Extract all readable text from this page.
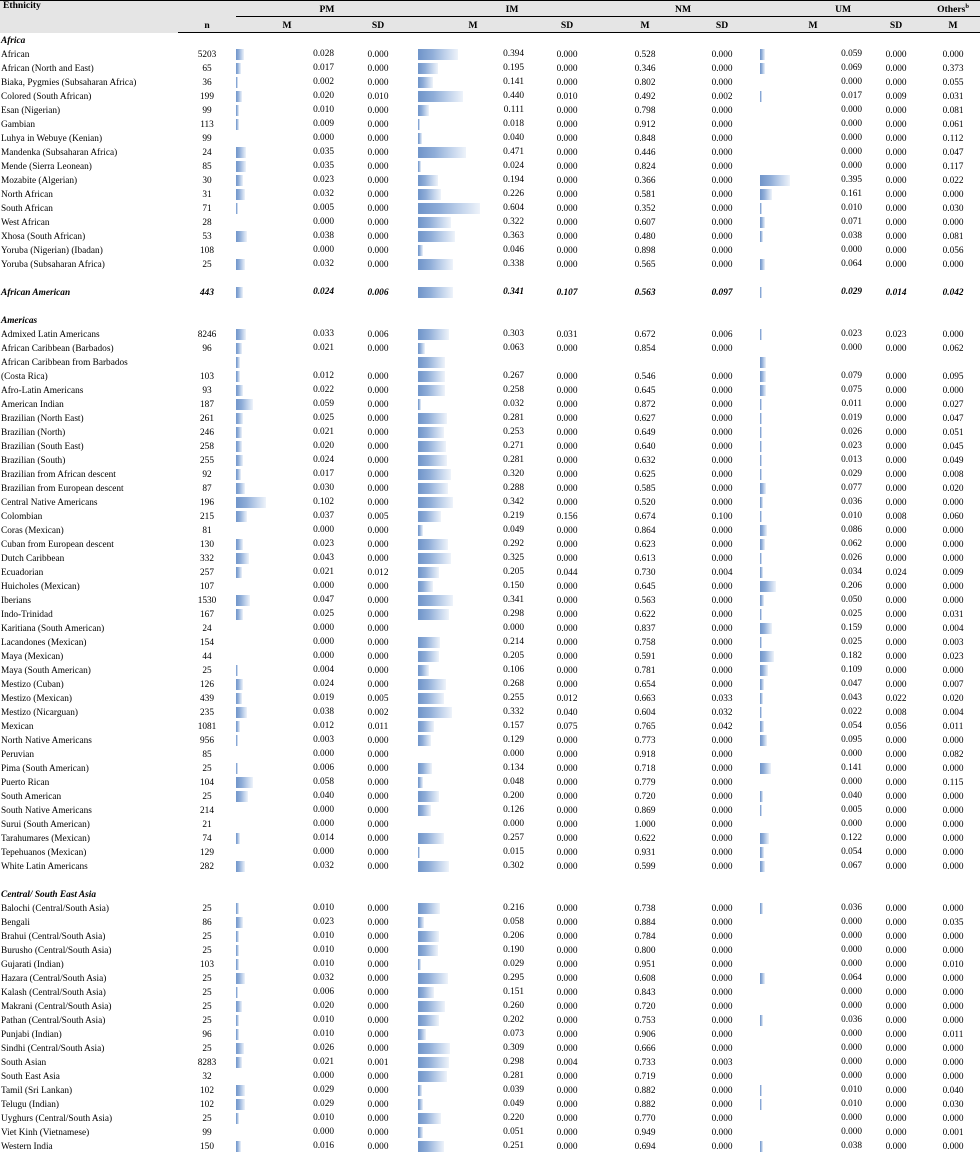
Ethnicity		PM		IM		NM		UM		Others$^b$
	n	M	SD	M	SD	M	SD	M	SD	M
Africa										
African	5203	0.028	0.000	0.394	0.000	0.528	0.000	0.059	0.000	0.000
African (North and East)	65	0.017	0.000	0.195	0.000	0.346	0.000	0.069	0.000	0.373
Biaka, Pygmies (Subsaharan Africa)	36	0.002	0.000	0.141	0.000	0.802	0.000	0.000	0.000	0.055
Colored (South African)	199	0.020	0.010	0.440	0.010	0.492	0.002	0.017	0.009	0.031
Esan (Nigerian)	99	0.010	0.000	0.111	0.000	0.798	0.000	0.000	0.000	0.081
Gambian	113	0.009	0.000	0.018	0.000	0.912	0.000	0.000	0.000	0.061
Luhya in Webuye (Kenian)	99	0.000	0.000	0.040	0.000	0.848	0.000	0.000	0.000	0.112
Mandenka (Subsaharan Africa)	24	0.035	0.000	0.471	0.000	0.446	0.000	0.000	0.000	0.047
Mende (Sierra Leonean)	85	0.035	0.000	0.024	0.000	0.824	0.000	0.000	0.000	0.117
Mozabite (Algerian)	30	0.023	0.000	0.194	0.000	0.366	0.000	0.395	0.000	0.022
North African	31	0.032	0.000	0.226	0.000	0.581	0.000	0.161	0.000	0.000
South African	71	0.005	0.000	0.604	0.000	0.352	0.000	0.010	0.000	0.030
West African	28	0.000	0.000	0.322	0.000	0.607	0.000	0.071	0.000	0.000
Xhosa (South African)	53	0.038	0.000	0.363	0.000	0.480	0.000	0.038	0.000	0.081
Yoruba (Nigerian) (Ibadan)	108	0.000	0.000	0.046	0.000	0.898	0.000	0.000	0.000	0.056
Yoruba (Subsaharan Africa)	25	0.032	0.000	0.338	0.000	0.565	0.000	0.064	0.000	0.000

African American	443	0.024	0.006	0.341	0.107	0.563	0.097	0.029	0.014	0.042

Americas										
Admixed Latin Americans	8246	0.033	0.006	0.303	0.031	0.672	0.006	0.023	0.023	0.000
African Caribbean (Barbados)	96	0.021	0.000	0.063	0.000	0.854	0.000	0.000	0.000	0.062
African Caribbean from Barbados		

(Costa Rica)	103	0.012	0.000	0.267	0.000	0.546	0.000	0.079	0.000	0.095
Afro-Latin Americans	93	0.022	0.000	0.258	0.000	0.645	0.000	0.075	0.000	0.000
American Indian	187	0.059	0.000	0.032	0.000	0.872	0.000	0.011	0.000	0.027
Brazilian (North East)	261	0.025	0.000	0.281	0.000	0.627	0.000	0.019	0.000	0.047
Brazilian (North)	246	0.021	0.000	0.253	0.000	0.649	0.000	0.026	0.000	0.051
Brazilian (South East)	258	0.020	0.000	0.271	0.000	0.640	0.000	0.023	0.000	0.045
Brazilian (South)	255	0.024	0.000	0.281	0.000	0.632	0.000	0.013	0.000	0.049
Brazilian from African descent	92	0.017	0.000	0.320	0.000	0.625	0.000	0.029	0.000	0.008
Brazilian from European descent	87	0.030	0.000	0.288	0.000	0.585	0.000	0.077	0.000	0.020
Central Native Americans	196	0.102	0.000	0.342	0.000	0.520	0.000	0.036	0.000	0.000
Colombian	215	0.037	0.005	0.219	0.156	0.674	0.100	0.010	0.008	0.060
Coras (Mexican)	81	0.000	0.000	0.049	0.000	0.864	0.000	0.086	0.000	0.000
Cuban from European descent	130	0.023	0.000	0.292	0.000	0.623	0.000	0.062	0.000	0.000
Dutch Caribbean	332	0.043	0.000	0.325	0.000	0.613	0.000	0.026	0.000	0.000
Ecuadorian	257	0.021	0.012	0.205	0.044	0.730	0.004	0.034	0.024	0.009
Huicholes (Mexican)	107	0.000	0.000	0.150	0.000	0.645	0.000	0.206	0.000	0.000
Iberians	1530	0.047	0.000	0.341	0.000	0.563	0.000	0.050	0.000	0.000
Indo-Trinidad	167	0.025	0.000	0.298	0.000	0.622	0.000	0.025	0.000	0.031
Karitiana (South American)	24	0.000	0.000	0.000	0.000	0.837	0.000	0.159	0.000	0.004
Lacandones (Mexican)	154	0.000	0.000	0.214	0.000	0.758	0.000	0.025	0.000	0.003
Maya (Mexican)	44	0.000	0.000	0.205	0.000	0.591	0.000	0.182	0.000	0.023
Maya (South American)	25	0.004	0.000	0.106	0.000	0.781	0.000	0.109	0.000	0.000
Mestizo (Cuban)	126	0.024	0.000	0.268	0.000	0.654	0.000	0.047	0.000	0.007
Mestizo (Mexican)	439	0.019	0.005	0.255	0.012	0.663	0.033	0.043	0.022	0.020
Mestizo (Nicarguan)	235	0.038	0.002	0.332	0.040	0.604	0.032	0.022	0.008	0.004
Mexican	1081	0.012	0.011	0.157	0.075	0.765	0.042	0.054	0.056	0.011
North Native Americans	956	0.003	0.000	0.129	0.000	0.773	0.000	0.095	0.000	0.000
Peruvian	85	0.000	0.000	0.000	0.000	0.918	0.000	0.000	0.000	0.082
Pima (South American)	25	0.006	0.000	0.134	0.000	0.718	0.000	0.141	0.000	0.000
Puerto Rican	104	0.058	0.000	0.048	0.000	0.779	0.000	0.000	0.000	0.115
South American	25	0.040	0.000	0.200	0.000	0.720	0.000	0.040	0.000	0.000
South Native Americans	214	0.000	0.000	0.126	0.000	0.869	0.000	0.005	0.000	0.000
Surui (South American)	21	0.000	0.000	0.000	0.000	1.000	0.000	0.000	0.000	0.000
Tarahumares (Mexican)	74	0.014	0.000	0.257	0.000	0.622	0.000	0.122	0.000	0.000
Tepehuanos (Mexican)	129	0.000	0.000	0.015	0.000	0.931	0.000	0.054	0.000	0.000
White Latin Americans	282	0.032	0.000	0.302	0.000	0.599	0.000	0.067	0.000	0.000

Central/ South East Asia										
Balochi (Central/South Asia)	25	0.010	0.000	0.216	0.000	0.738	0.000	0.036	0.000	0.000
Bengali	86	0.023	0.000	0.058	0.000	0.884	0.000	0.000	0.000	0.035
Brahui (Central/South Asia)	25	0.010	0.000	0.206	0.000	0.784	0.000	0.000	0.000	0.000
Burusho (Central/South Asia)	25	0.010	0.000	0.190	0.000	0.800	0.000	0.000	0.000	0.000
Gujarati (Indian)	103	0.010	0.000	0.029	0.000	0.951	0.000	0.000	0.000	0.010
Hazara (Central/South Asia)	25	0.032	0.000	0.295	0.000	0.608	0.000	0.064	0.000	0.000
Kalash (Central/South Asia)	25	0.006	0.000	0.151	0.000	0.843	0.000	0.000	0.000	0.000
Makrani (Central/South Asia)	25	0.020	0.000	0.260	0.000	0.720	0.000	0.000	0.000	0.000
Pathan (Central/South Asia)	25	0.010	0.000	0.202	0.000	0.753	0.000	0.036	0.000	0.000
Punjabi (Indian)	96	0.010	0.000	0.073	0.000	0.906	0.000	0.000	0.000	0.011
Sindhi (Central/South Asia)	25	0.026	0.000	0.309	0.000	0.666	0.000	0.000	0.000	0.000
South Asian	8283	0.021	0.001	0.298	0.004	0.733	0.003	0.000	0.000	0.000
South East Asia	32	0.000	0.000	0.281	0.000	0.719	0.000	0.000	0.000	0.000
Tamil (Sri Lankan)	102	0.029	0.000	0.039	0.000	0.882	0.000	0.010	0.000	0.040
Telugu (Indian)	102	0.029	0.000	0.049	0.000	0.882	0.000	0.010	0.000	0.030
Uyghurs (Central/South Asia)	25	0.010	0.000	0.220	0.000	0.770	0.000	0.000	0.000	0.000
Viet Kinh (Vietnamese)	99	0.000	0.000	0.051	0.000	0.949	0.000	0.000	0.000	0.001
Western India	150	0.016	0.000	0.251	0.000	0.694	0.000	0.038	0.000	0.000
